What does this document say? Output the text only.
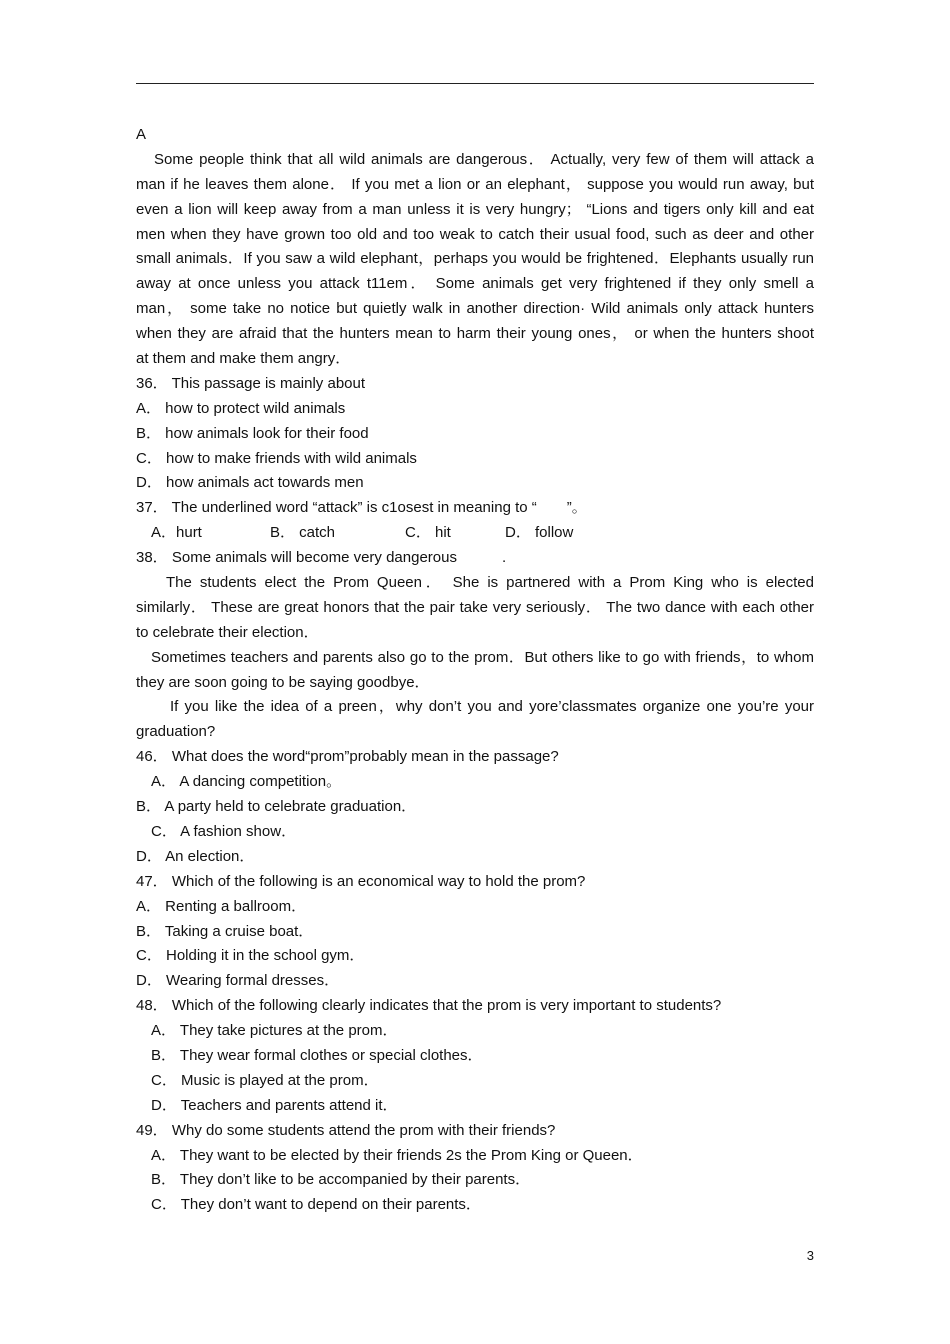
A
Some people think that all wild animals are dangerous． Actually, very few of them will attack a
man if he leaves them alone． If you met a lion or an elephant， suppose you would run away, but
even a lion will keep away from a man unless it is very hungry； “Lions and tigers only kill and eat
men when they have grown too old and too weak to catch their usual food, such as deer and other
small animals．If you saw a wild elephant，perhaps you would be frightened．Elephants usually run
away at once unless you attack t11em． Some animals get very frightened if they only smell a
man， some take no notice but quietly walk in another direction· Wild animals only attack hunters
when they are afraid that the hunters mean to harm their young ones， or when the hunters shoot
at them and make them angry．
36． This passage is mainly about
A． how to protect wild animals
B． how animals look for their food
C． how to make friends with wild animals
D． how animals act towards men
37． The underlined word “attack” is c1osest in meaning to “　　”。
A．hurt	B． catch	C． hit	D． follow
38． Some animals will become very dangerous　　　.
The students elect the Prom Queen． She is partnered with a Prom King who is elected
similarly． These are great honors that the pair take very seriously． The two dance with each other
to celebrate their election．
Sometimes teachers and parents also go to the prom．But others like to go with friends，to whom
they are soon going to be saying goodbye．
If you like the idea of a preen，why don’t you and yore’classmates organize one you’re your
graduation?
46． What does the word“prom”probably mean in the passage?
A． A dancing competition。
B． A party held to celebrate graduation．
C． A fashion show．
D． An election．
47． Which of the following is an economical way to hold the prom?
A． Renting a ballroom．
B． Taking a cruise boat．
C． Holding it in the school gym．
D． Wearing formal dresses．
48． Which of the following clearly indicates that the prom is very important to students?
A． They take pictures at the prom．
B． They wear formal clothes or special clothes．
C． Music is played at the prom．
D． Teachers and parents attend it．
49． Why do some students attend the prom with their friends?
A． They want to be elected by their friends 2s the Prom King or Queen．
B． They don’t like to be accompanied by their parents．
C． They don’t want to depend on their parents．
3
